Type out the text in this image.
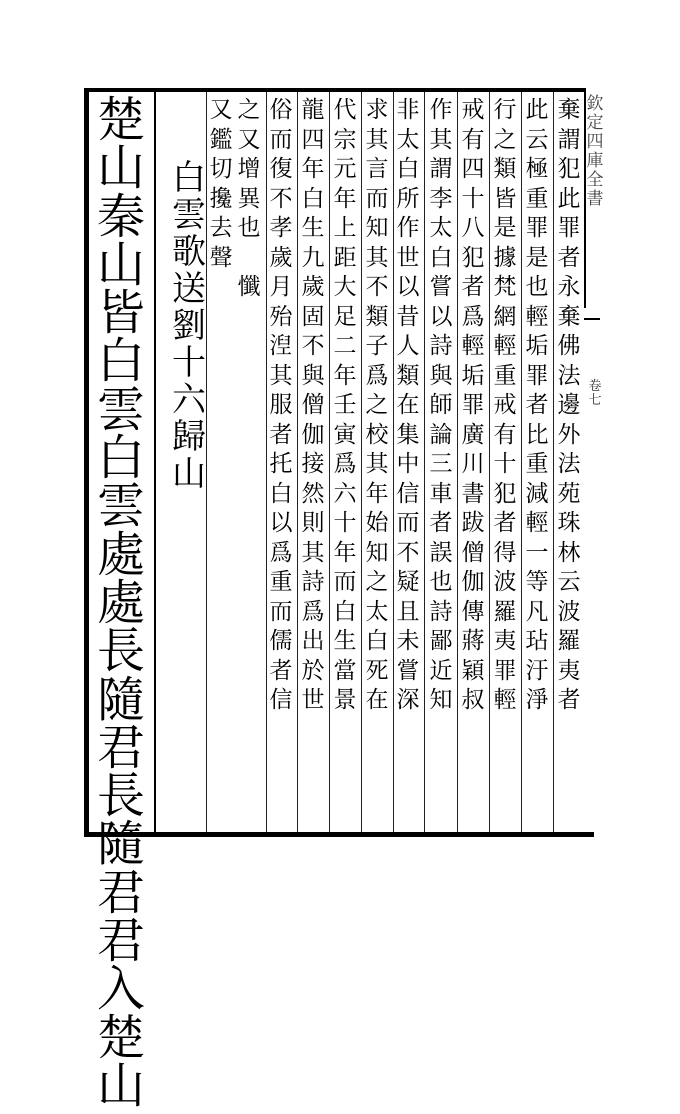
欽
定
四
庫
全
書
卷
七
楚
山
秦
山
皆
白
雲
白
雲
處
處
長
隨
君
長
隨
君
君
入
楚
山
白
雲
歌
送
劉
十
六
歸
山
又
鑑
切
攙
去
聲
之
又
增
異
也

懺
俗
而
復
不
孝
歲
月
殆
湼
其
服
者
托
白
以
爲
重
而
儒
者
信
龍
四
年
白
生
九
歲
固
不
與
僧
伽
接
然
則
其
詩
爲
出
於
世
代
宗
元
年
上
距
大
足
二
年
壬
寅
爲
六
十
年
而
白
生
當
景
求
其
言
而
知
其
不
類
子
爲
之
校
其
年
始
知
之
太
白
死
在
非
太
白
所
作
世
以
昔
人
類
在
集
中
信
而
不
疑
且
未
嘗
深
作
其
謂
李
太
白
嘗
以
詩
與
師
論
三
車
者
誤
也
詩
鄙
近
知
戒
有
四
十
八
犯
者
爲
輕
垢
罪
廣
川
書
跋
僧
伽
傳
蔣
穎
叔
行
之
類
皆
是
據
梵
網
輕
重
戒
有
十
犯
者
得
波
羅
夷
罪
輕
此
云
極
重
罪
是
也
輕
垢
罪
者
比
重
減
輕
一
等
凡
玷
汙
淨
棄
謂
犯
此
罪
者
永
棄
佛
法
邊
外
法
苑
珠
林
云
波
羅
夷
者
